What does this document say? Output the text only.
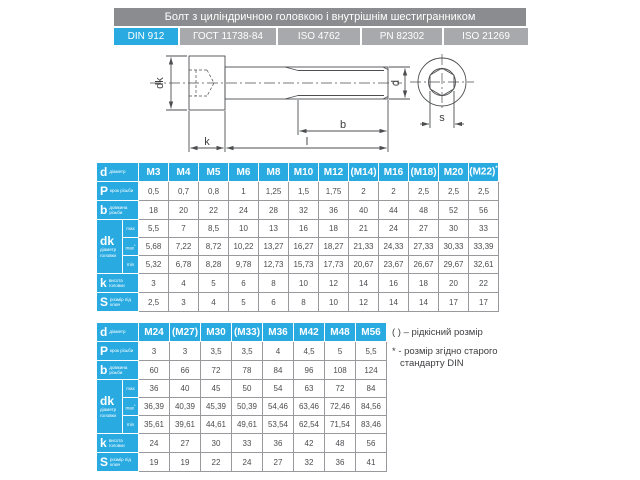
Болт з циліндричною головкою і внутрішнім шестигранником
DIN 912	ГОСТ 11738-84	ISO 4762	PN 82302	ISO 21269
dk
k	l
b
d
s
d діаметр		M3	M4	M5	M6	M8	M10	M12	(M14)	M16	(M18)	M20	(M22)*
P крок різьби		0,5	0,7	0,8	1	1,25	1,5	1,75	2	2	2,5	2,5	2,5
b довжина різьби		18	20	22	24	28	32	36	40	44	48	52	56

dk
діаметр головки	max	5,5	7	8,5	10	13	16	18	21	24	27	30	33
	max*	5,68	7,22	8,72	10,22	13,27	16,27	18,27	21,33	24,33	27,33	30,33	33,39
	min	5,32	6,78	8,28	9,78	12,73	15,73	17,73	20,67	23,67	26,67	29,67	32,61
k висота головки		3	4	5	6	8	10	12	14	16	18	20	22
S розмір під ключ		2,5	3	4	5	6	8	10	12	14	14	17	17
d діаметр		M24	(M27)	M30	(M33)	M36	M42	M48	M56
P крок різьби		3	3	3,5	3,5	4	4,5	5	5,5
b довжина різьби		60	66	72	78	84	96	108	124

dk
діаметр головки	max	36	40	45	50	54	63	72	84
	max*	36,39	40,39	45,39	50,39	54,46	63,46	72,46	84,56
	min	35,61	39,61	44,61	49,61	53,54	62,54	71,54	83,46
k висота головки		24	27	30	33	36	42	48	56
S розмір під ключ		19	19	22	24	27	32	36	41
( ) – рідкісний розмір
* - розмір згідно старого стандарту DIN
